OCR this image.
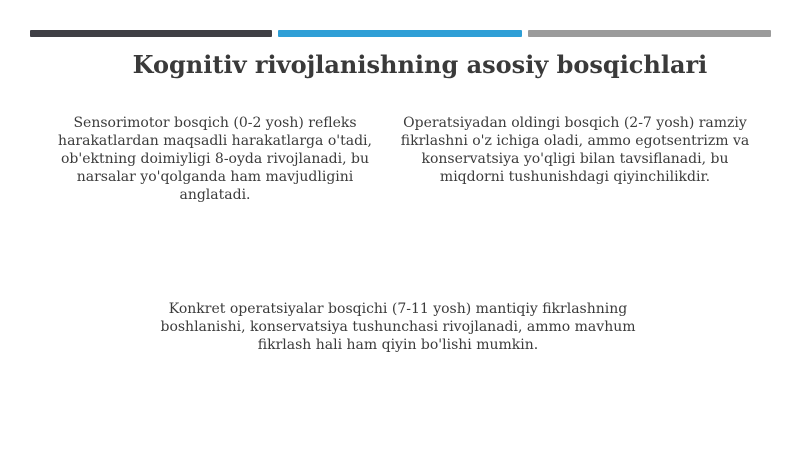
Kognitiv rivojlanishning asosiy bosqichlari

Sensorimotor bosqich (0-2 yosh) refleks harakatlardan maqsadli harakatlarga o'tadi, ob'ektning doimiyligi 8-oyda rivojlanadi, bu narsalar yo'qolganda ham mavjudligini anglatadi.

Operatsiyadan oldingi bosqich (2-7 yosh) ramziy fikrlashni o'z ichiga oladi, ammo egotsentrizm va konservatsiya yo'qligi bilan tavsiflanadi, bu miqdorni tushunishdagi qiyinchilikdir.

Konkret operatsiyalar bosqichi (7-11 yosh) mantiqiy fikrlashning boshlanishi, konservatsiya tushunchasi rivojlanadi, ammo mavhum fikrlash hali ham qiyin bo'lishi mumkin.
